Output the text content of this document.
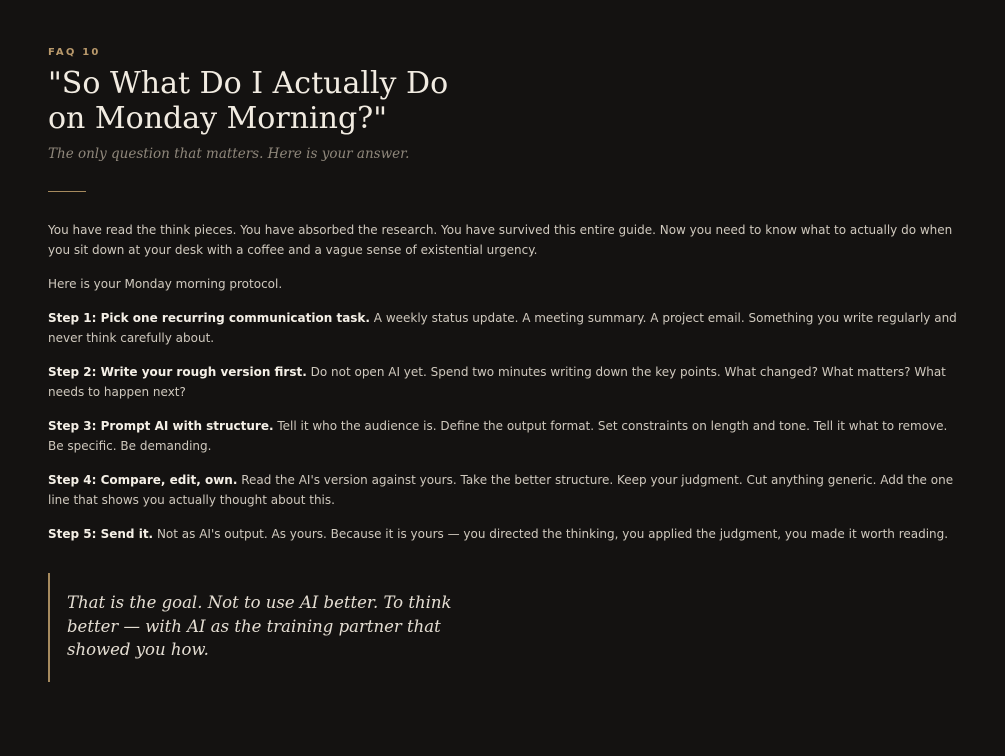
FAQ 10
"So What Do I Actually Do on Monday Morning?"
The only question that matters. Here is your answer.

You have read the think pieces. You have absorbed the research. You have survived this entire guide. Now you need to know what to actually do when you sit down at your desk with a coffee and a vague sense of existential urgency.

Here is your Monday morning protocol.

Step 1: Pick one recurring communication task. A weekly status update. A meeting summary. A project email. Something you write regularly and never think carefully about.

Step 2: Write your rough version first. Do not open AI yet. Spend two minutes writing down the key points. What changed? What matters? What needs to happen next?

Step 3: Prompt AI with structure. Tell it who the audience is. Define the output format. Set constraints on length and tone. Tell it what to remove. Be specific. Be demanding.

Step 4: Compare, edit, own. Read the AI's version against yours. Take the better structure. Keep your judgment. Cut anything generic. Add the one line that shows you actually thought about this.

Step 5: Send it. Not as AI's output. As yours. Because it is yours — you directed the thinking, you applied the judgment, you made it worth reading.

That is the goal. Not to use AI better. To think better — with AI as the training partner that showed you how.
